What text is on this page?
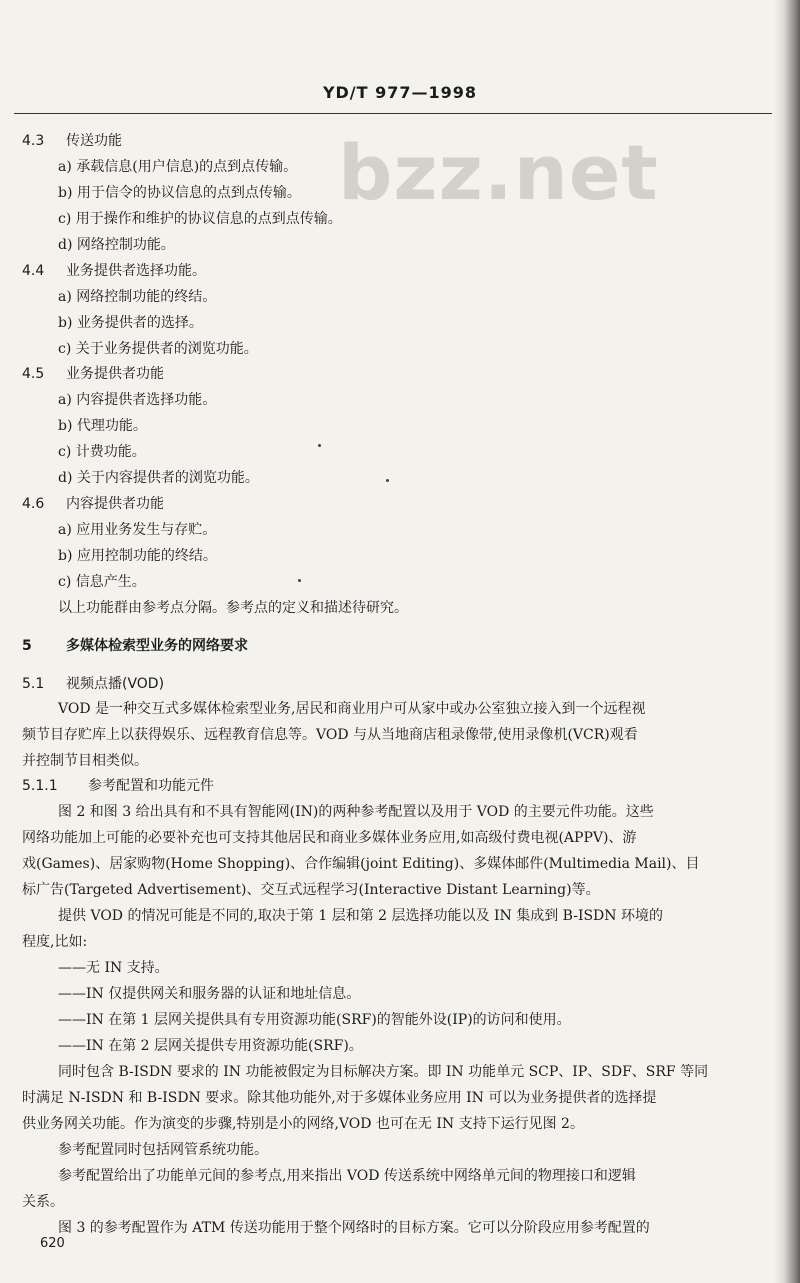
bzz.net
YD/T 977—1998
4.3 传送功能
a) 承载信息(用户信息)的点到点传输。
b) 用于信令的协议信息的点到点传输。
c) 用于操作和维护的协议信息的点到点传输。
d) 网络控制功能。
4.4 业务提供者选择功能。
a) 网络控制功能的终结。
b) 业务提供者的选择。
c) 关于业务提供者的浏览功能。
4.5 业务提供者功能
a) 内容提供者选择功能。
b) 代理功能。
c) 计费功能。
d) 关于内容提供者的浏览功能。
4.6 内容提供者功能
a) 应用业务发生与存贮。
b) 应用控制功能的终结。
c) 信息产生。
以上功能群由参考点分隔。参考点的定义和描述待研究。
5 多媒体检索型业务的网络要求
5.1 视频点播(VOD)
VOD 是一种交互式多媒体检索型业务,居民和商业用户可从家中或办公室独立接入到一个远程视
频节目存贮库上以获得娱乐、远程教育信息等。VOD 与从当地商店租录像带,使用录像机(VCR)观看
并控制节目相类似。
5.1.1 参考配置和功能元件
图 2 和图 3 给出具有和不具有智能网(IN)的两种参考配置以及用于 VOD 的主要元件功能。这些
网络功能加上可能的必要补充也可支持其他居民和商业多媒体业务应用,如高级付费电视(APPV)、游
戏(Games)、居家购物(Home Shopping)、合作编辑(joint Editing)、多媒体邮件(Multimedia Mail)、目
标广告(Targeted Advertisement)、交互式远程学习(Interactive Distant Learning)等。
提供 VOD 的情况可能是不同的,取决于第 1 层和第 2 层选择功能以及 IN 集成到 B-ISDN 环境的
程度,比如:
——无 IN 支持。
——IN 仅提供网关和服务器的认证和地址信息。
——IN 在第 1 层网关提供具有专用资源功能(SRF)的智能外设(IP)的访问和使用。
——IN 在第 2 层网关提供专用资源功能(SRF)。
同时包含 B-ISDN 要求的 IN 功能被假定为目标解决方案。即 IN 功能单元 SCP、IP、SDF、SRF 等同
时满足 N-ISDN 和 B-ISDN 要求。除其他功能外,对于多媒体业务应用 IN 可以为业务提供者的选择提
供业务网关功能。作为演变的步骤,特别是小的网络,VOD 也可在无 IN 支持下运行见图 2。
参考配置同时包括网管系统功能。
参考配置给出了功能单元间的参考点,用来指出 VOD 传送系统中网络单元间的物理接口和逻辑
关系。
图 3 的参考配置作为 ATM 传送功能用于整个网络时的目标方案。它可以分阶段应用参考配置的
620
